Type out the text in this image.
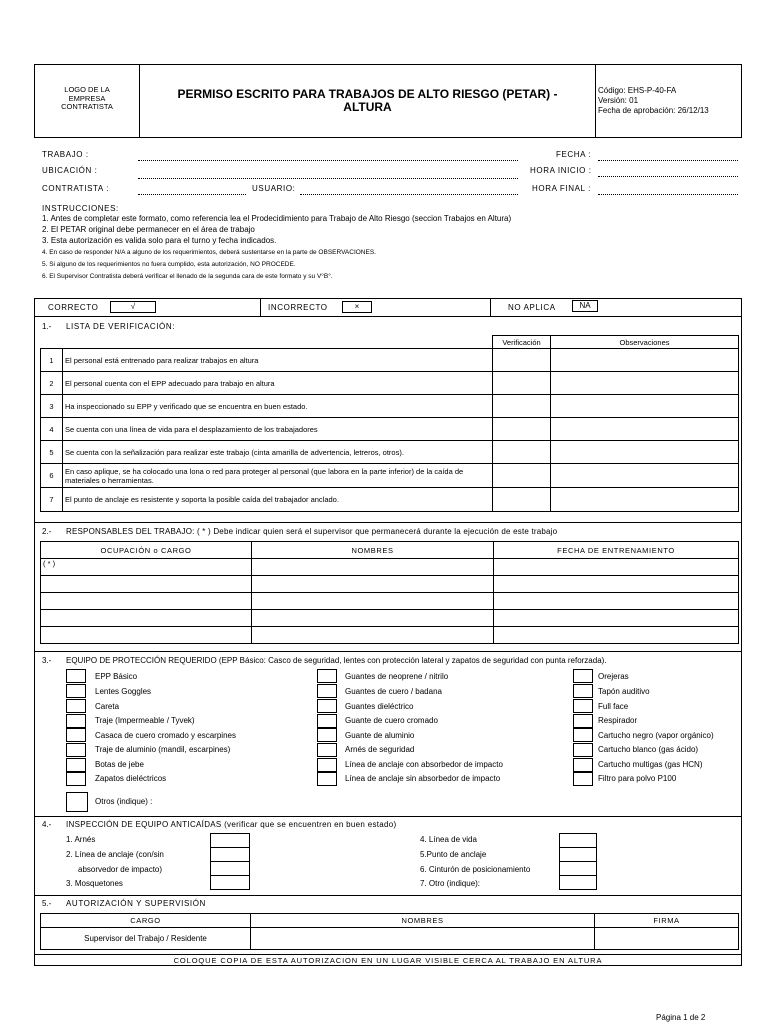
LOGO DE LA EMPRESA CONTRATISTA
PERMISO ESCRITO PARA TRABAJOS DE ALTO RIESGO (PETAR) -
ALTURA
Código: EHS-P-40-FA
Versión: 01
Fecha de aprobación: 26/12/13
TRABAJO :
UBICACIÓN :
CONTRATISTA :	USUARIO:
FECHA :
HORA INICIO :
HORA FINAL :
INSTRUCCIONES:
1. Antes de completar este formato, como referencia lea el Prodecidimiento para Trabajo de Alto Riesgo (seccion Trabajos en Altura)
2. El PETAR original debe permanecer en el área de trabajo
3. Esta autorización es valida solo para el turno y fecha indicados.
4. En caso de responder N/A a alguno de los requerimientos, deberá sustentarse en la parte de OBSERVACIONES.
5. Si alguno de los requerimientos no fuera cumplido, esta autorización, NO PROCEDE.
6. El Supervisor Contratista deberá verificar el llenado de la segunda cara de este formato y su V°B°.
CORRECTO	√	INCORRECTO	×	NO APLICA	NA
1.- LISTA DE VERIFICACIÓN:
		Verificación	Observaciones
1	El personal está entrenado para realizar trabajos en altura		
2	El personal cuenta con el EPP adecuado para trabajo en altura		
3	Ha inspeccionado su EPP y verificado que se encuentra en buen estado.		
4	Se cuenta con una línea de vida para el desplazamiento de los trabajadores		
5	Se cuenta con la señalización para realizar este trabajo (cinta amarilla de advertencia, letreros, otros).		
6	En caso aplique, se ha colocado una lona o red para proteger al personal (que labora en la parte inferior) de la caída de materiales o herramientas.		
7	El punto de anclaje es resistente y soporta la posible caída del trabajador anclado.		
2.- RESPONSABLES DEL TRABAJO: ( * ) Debe indicar quien será el supervisor que permanecerá durante la ejecución de este trabajo
OCUPACIÓN o CARGO	NOMBRES	FECHA DE ENTRENAMIENTO
( * )		

3.- EQUIPO DE PROTECCIÓN REQUERIDO (EPP Básico: Casco de seguridad, lentes con protección lateral y zapatos de seguridad con punta reforzada).
EPP Básico
Lentes Goggles
Careta
Traje (Impermeable / Tyvek)
Casaca de cuero cromado y escarpines
Traje de aluminio (mandil, escarpines)
Botas de jebe
Zapatos dieléctricos
Guantes de neoprene / nitrilo
Guantes de cuero / badana
Guantes dieléctrico
Guante de cuero cromado
Guante de aluminio
Arnés de seguridad
Línea de anclaje con absorbedor de impacto
Línea de anclaje sin absorbedor de impacto
Orejeras
Tapón auditivo
Full face
Respirador
Cartucho negro (vapor orgánico)
Cartucho blanco (gas ácido)
Cartucho multigas (gas HCN)
Filtro para polvo P100
Otros (indique) :
4.- INSPECCIÓN DE EQUIPO ANTICAÍDAS (verificar que se encuentren en buen estado)
1. Arnés
2. Línea de anclaje (con/sin
absorvedor de impacto)
3. Mosquetones
4. Línea de vida
5.Punto de anclaje
6. Cinturón de posicionamiento
7. Otro (indique):
5.- AUTORIZACIÓN Y SUPERVISIÓN
CARGO	NOMBRES	FIRMA
Supervisor del Trabajo / Residente		
COLOQUE COPIA DE ESTA AUTORIZACION EN UN LUGAR VISIBLE CERCA AL TRABAJO EN ALTURA
Página 1 de 2
